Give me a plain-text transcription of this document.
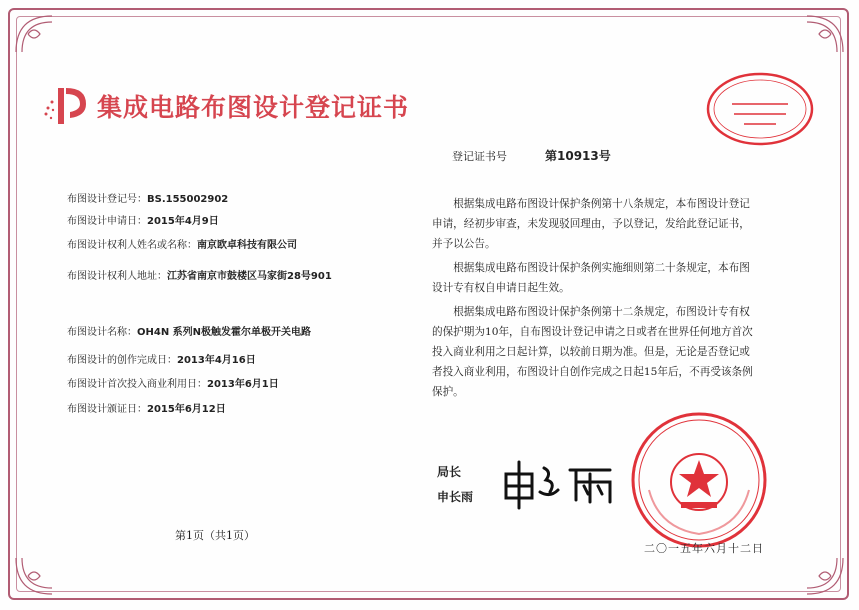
集成电路布图设计登记证书
登记证书号	第10913号
布图设计登记号：BS.155002902
布图设计申请日：2015年4月9日
布图设计权利人姓名或名称：南京欧卓科技有限公司
布图设计权利人地址：江苏省南京市鼓楼区马家街28号901
布图设计名称：OH4N 系列N极触发霍尔单极开关电路
布图设计的创作完成日：2013年4月16日
布图设计首次投入商业利用日：2013年6月1日
布图设计颁证日：2015年6月12日

根据集成电路布图设计保护条例第十八条规定，本布图设计登记申请，经初步审查，未发现驳回理由，予以登记，发给此登记证书，并予以公告。

根据集成电路布图设计保护条例实施细则第二十条规定，本布图设计专有权自申请日起生效。

根据集成电路布图设计保护条例第十二条规定，布图设计专有权的保护期为10年，自布图设计登记申请之日或者在世界任何地方首次投入商业利用之日起计算，以较前日期为准。但是，无论是否登记或者投入商业利用，布图设计自创作完成之日起15年后，不再受该条例保护。

局长
申长雨
第1页（共1页）
二〇一五年六月十二日
